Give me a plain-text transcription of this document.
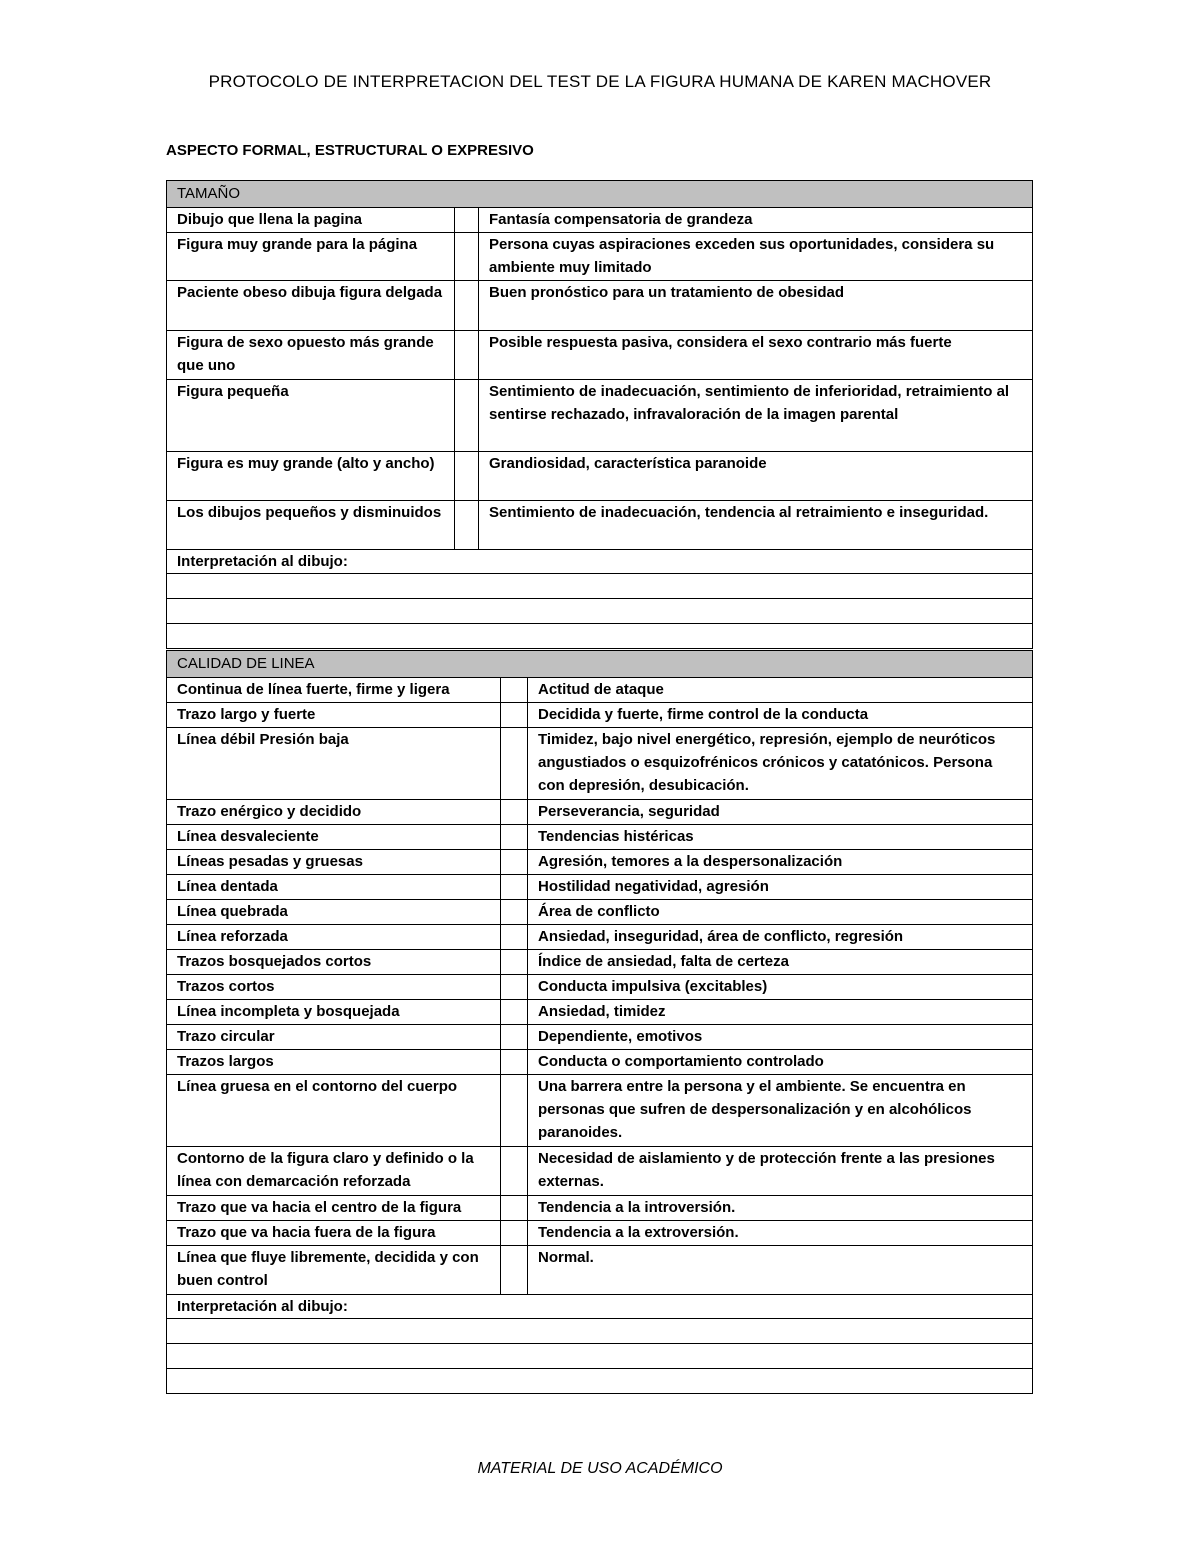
PROTOCOLO DE INTERPRETACION DEL TEST DE LA FIGURA HUMANA DE KAREN MACHOVER
ASPECTO FORMAL, ESTRUCTURAL O EXPRESIVO
TAMAÑO		
Dibujo que llena la pagina		Fantasía compensatoria de grandeza
Figura muy grande para la página		Persona cuyas aspiraciones exceden sus oportunidades, considera su ambiente muy limitado
Paciente obeso dibuja figura delgada		Buen pronóstico para un tratamiento de obesidad
Figura de sexo opuesto más grande que uno		Posible respuesta pasiva, considera el sexo contrario más fuerte
Figura pequeña		Sentimiento de inadecuación, sentimiento de inferioridad, retraimiento al sentirse rechazado, infravaloración de la imagen parental
Figura es muy grande (alto y ancho)		Grandiosidad, característica paranoide
Los dibujos pequeños y disminuidos		Sentimiento de inadecuación, tendencia al retraimiento e inseguridad.
Interpretación al dibujo:		

CALIDAD DE LINEA		
Continua de línea fuerte, firme y ligera		Actitud de ataque
Trazo largo y fuerte		Decidida y fuerte, firme control de la conducta
Línea débil Presión baja		Timidez, bajo nivel energético, represión, ejemplo de neuróticos angustiados o esquizofrénicos crónicos y catatónicos. Persona con depresión, desubicación.
Trazo enérgico y decidido		Perseverancia, seguridad
Línea desvaleciente		Tendencias histéricas
Líneas pesadas y gruesas		Agresión, temores a la despersonalización
Línea dentada		Hostilidad negatividad, agresión
Línea quebrada		Área de conflicto
Línea reforzada		Ansiedad, inseguridad, área de conflicto, regresión
Trazos bosquejados cortos		Índice de ansiedad, falta de certeza
Trazos cortos		Conducta impulsiva (excitables)
Línea incompleta y bosquejada		Ansiedad, timidez
Trazo circular		Dependiente, emotivos
Trazos largos		Conducta o comportamiento controlado
Línea gruesa en el contorno del cuerpo		Una barrera entre la persona y el ambiente. Se encuentra en personas que sufren de despersonalización y en alcohólicos paranoides.
Contorno de la figura claro y definido o la línea con demarcación reforzada		Necesidad de aislamiento y de protección frente a las presiones externas.
Trazo que va hacia el centro de la figura		Tendencia a la introversión.
Trazo que va hacia fuera de la figura		Tendencia a la extroversión.
Línea que fluye libremente, decidida y con buen control		Normal.
Interpretación al dibujo:		

MATERIAL DE USO ACADÉMICO
